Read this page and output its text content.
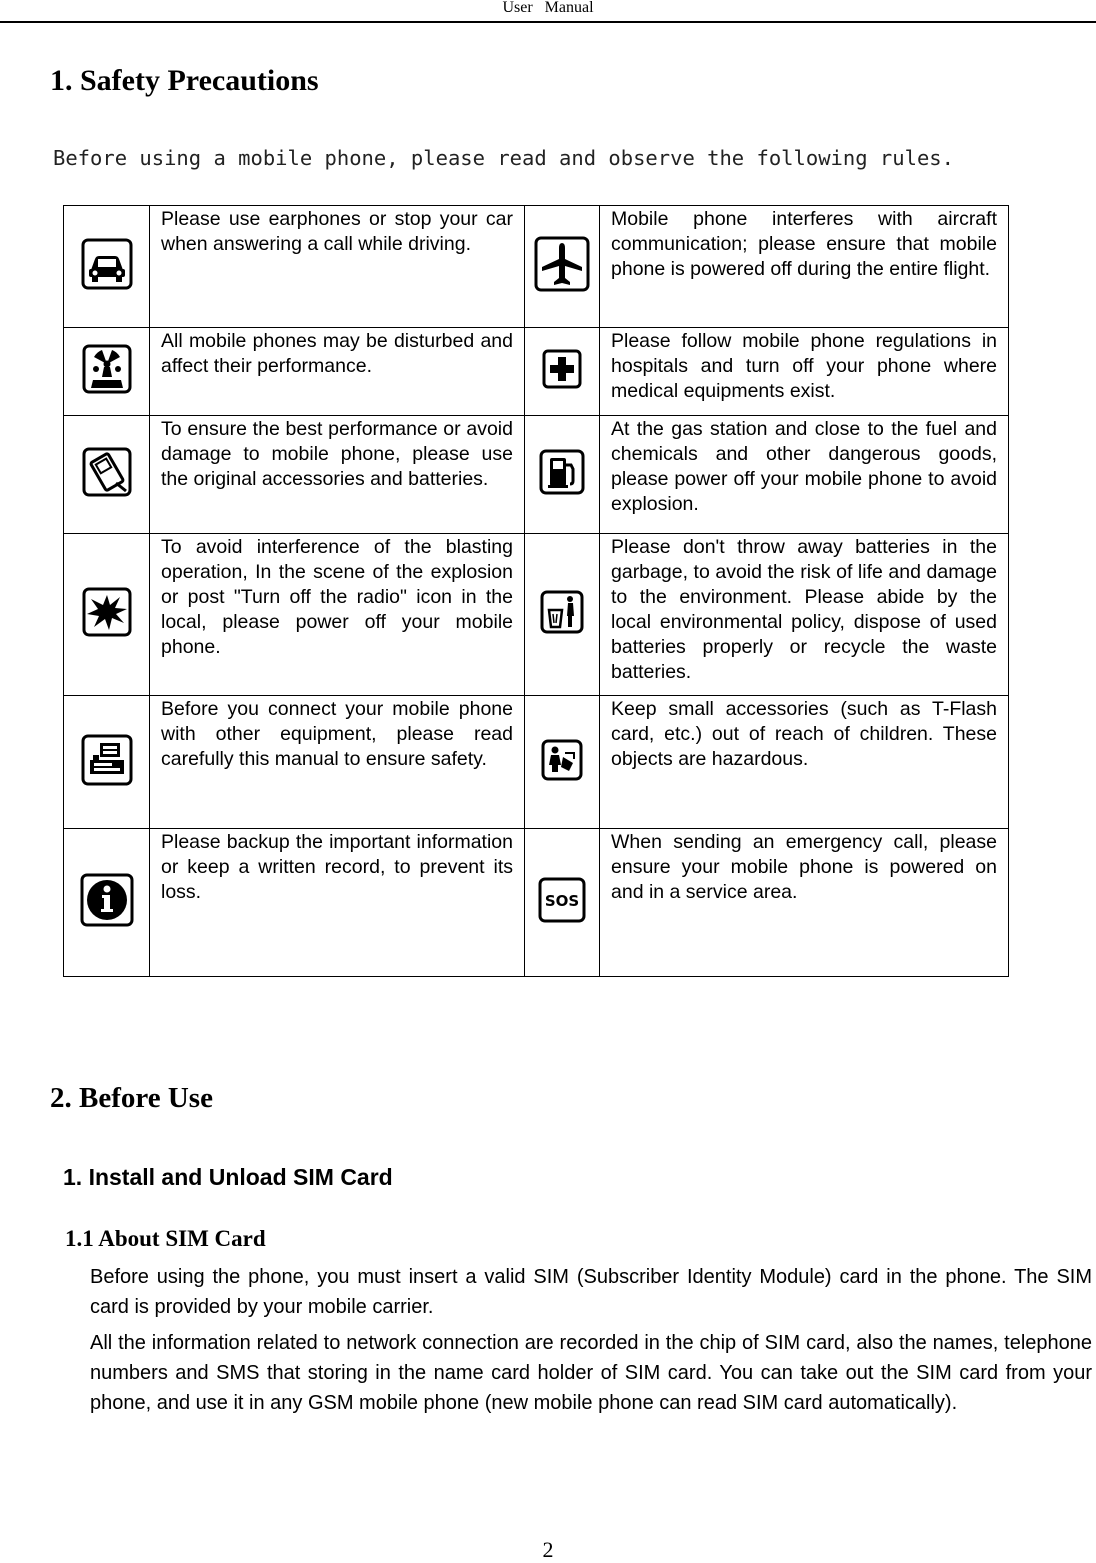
User Manual
1. Safety Precautions
Before using a mobile phone, please read and observe the following rules.
	Please use earphones or stop your car when answering a call while driving.		Mobile phone interferes with aircraft communication; please ensure that mobile phone is powered off during the entire flight.
	All mobile phones may be disturbed and affect their performance.		Please follow mobile phone regulations in hospitals and turn off your phone where medical equipments exist.
	To ensure the best performance or avoid damage to mobile phone, please use the original accessories and batteries.		At the gas station and close to the fuel and chemicals and other dangerous goods, please power off your mobile phone to avoid explosion.
	To avoid interference of the blasting operation, In the scene of the explosion or post "Turn off the radio" icon in the local, please power off your mobile phone.		Please don't throw away batteries in the garbage, to avoid the risk of life and damage to the environment. Please abide by the local environmental policy, dispose of used batteries properly or recycle the waste batteries.
	Before you connect your mobile phone with other equipment, please read carefully this manual to ensure safety.		Keep small accessories (such as T-Flash card, etc.) out of reach of children. These objects are hazardous.
	Please backup the important information or keep a written record, to prevent its loss.	SOS	When sending an emergency call, please ensure your mobile phone is powered on and in a service area.
2. Before Use
1. Install and Unload SIM Card
1.1 About SIM Card
Before using the phone, you must insert a valid SIM (Subscriber Identity Module) card in the phone. The SIM card is provided by your mobile carrier.
All the information related to network connection are recorded in the chip of SIM card, also the names, telephone numbers and SMS that storing in the name card holder of SIM card. You can take out the SIM card from your phone, and use it in any GSM mobile phone (new mobile phone can read SIM card automatically).
2
